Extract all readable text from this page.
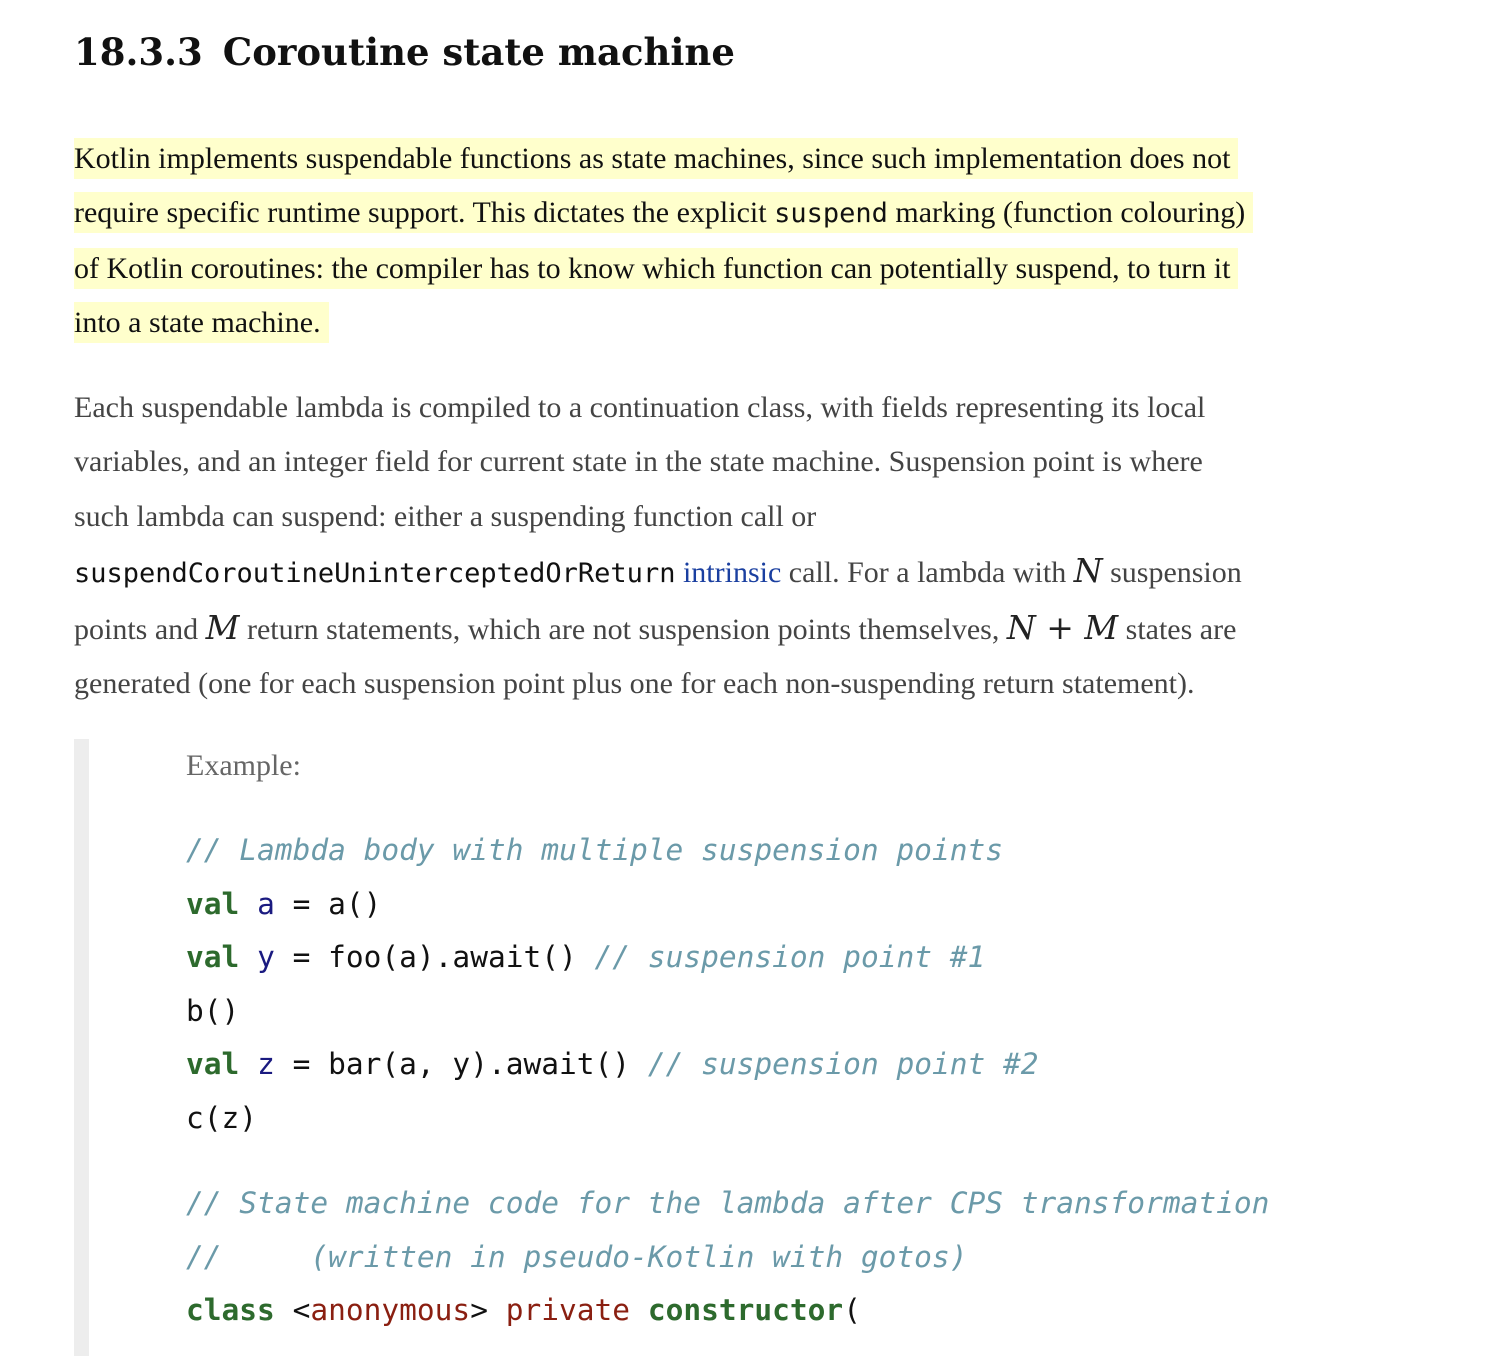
18.3.3 Coroutine state machine

Kotlin implements suspendable functions as state machines, since such implementation does not
require specific runtime support. This dictates the explicit suspend marking (function colouring)
of Kotlin coroutines: the compiler has to know which function can potentially suspend, to turn it
into a state machine.

Each suspendable lambda is compiled to a continuation class, with fields representing its local
variables, and an integer field for current state in the state machine. Suspension point is where
such lambda can suspend: either a suspending function call or
suspendCoroutineUninterceptedOrReturn intrinsic call. For a lambda with N suspension
points and M return statements, which are not suspension points themselves, N + M states are
generated (one for each suspension point plus one for each non-suspending return statement).

Example:
// Lambda body with multiple suspension points
val a = a()
val y = foo(a).await() // suspension point #1
b()
val z = bar(a, y).await() // suspension point #2
c(z)
// State machine code for the lambda after CPS transformation
//     (written in pseudo-Kotlin with gotos)
class <anonymous> private constructor(
